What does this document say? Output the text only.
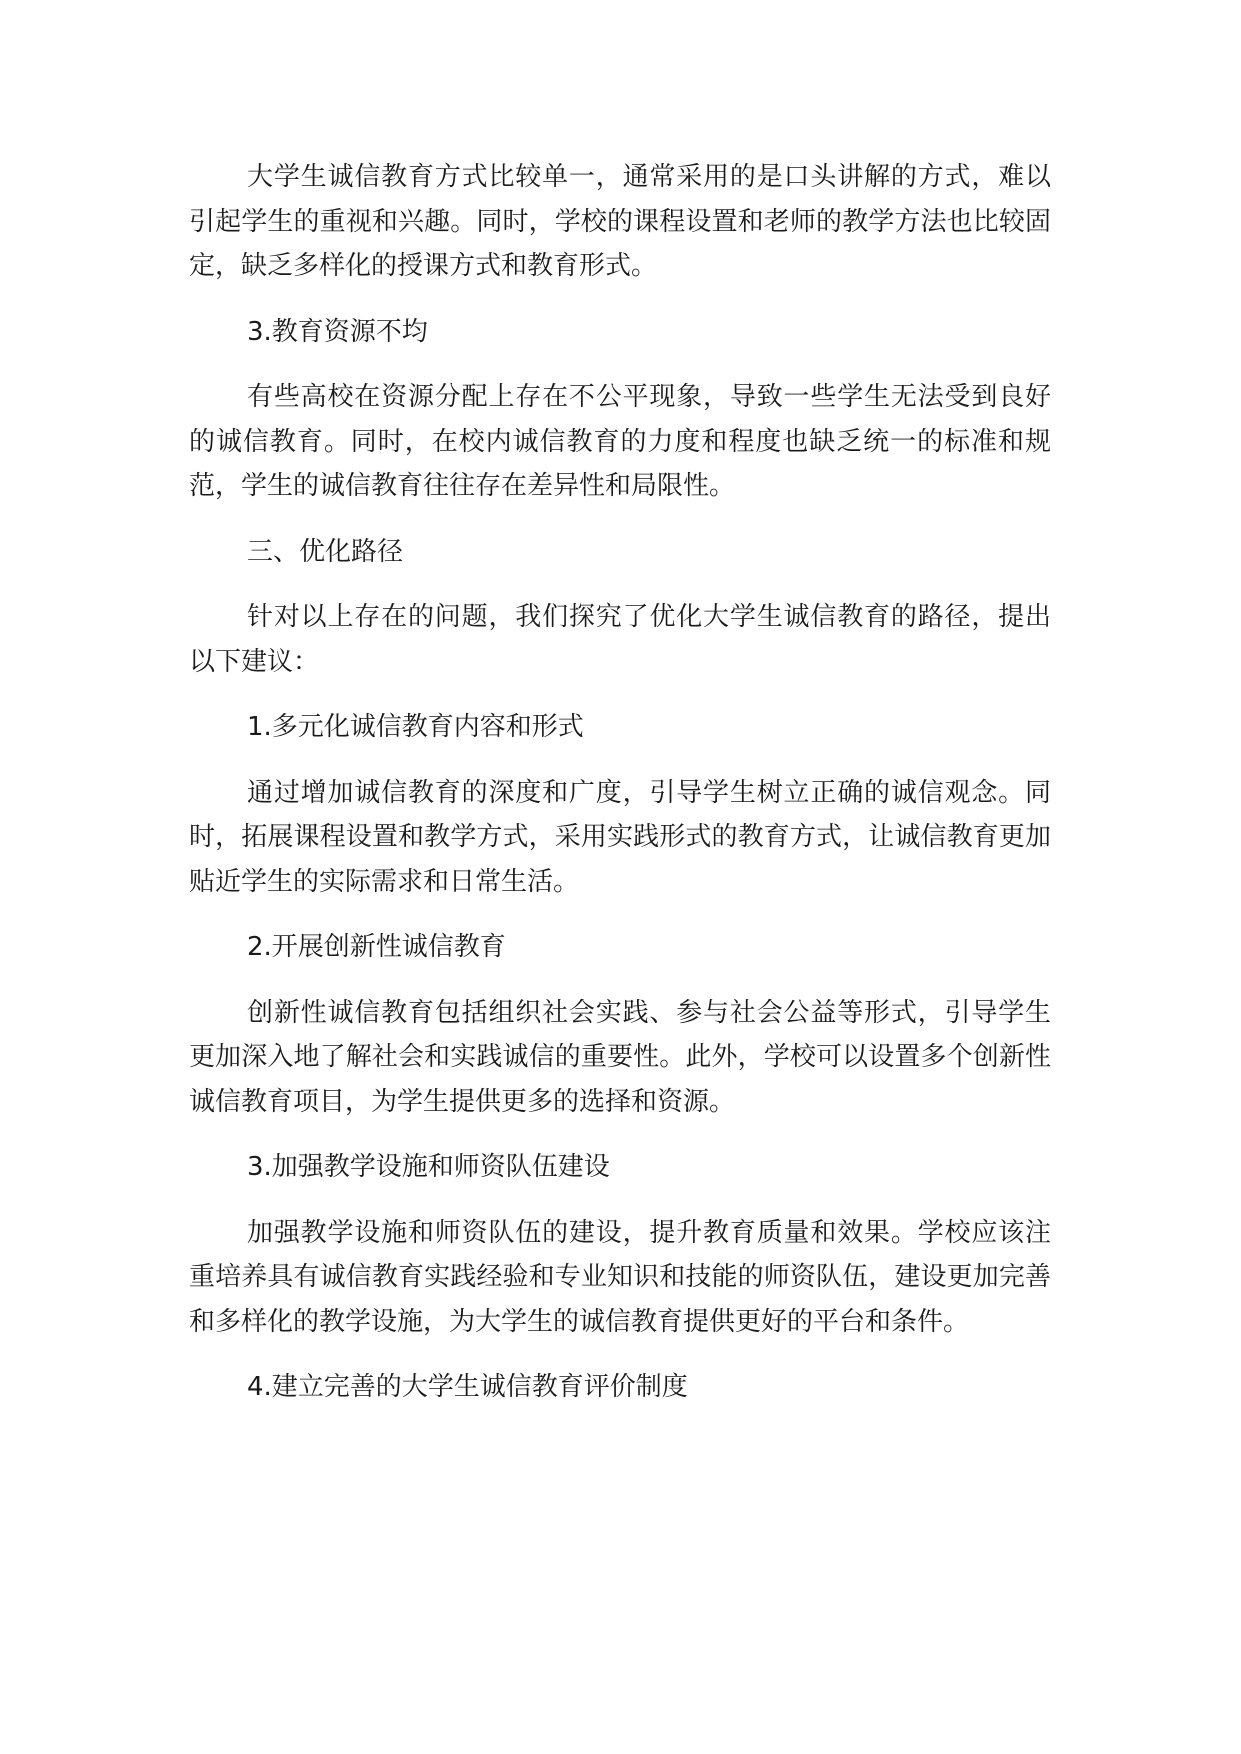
大学生诚信教育方式比较单一，通常采用的是口头讲解的方式，难以引起学生的重视和兴趣。同时，学校的课程设置和老师的教学方法也比较固定，缺乏多样化的授课方式和教育形式。

3.教育资源不均

有些高校在资源分配上存在不公平现象，导致一些学生无法受到良好的诚信教育。同时，在校内诚信教育的力度和程度也缺乏统一的标准和规范，学生的诚信教育往往存在差异性和局限性。

三、优化路径

针对以上存在的问题，我们探究了优化大学生诚信教育的路径，提出以下建议：

1.多元化诚信教育内容和形式

通过增加诚信教育的深度和广度，引导学生树立正确的诚信观念。同时，拓展课程设置和教学方式，采用实践形式的教育方式，让诚信教育更加贴近学生的实际需求和日常生活。

2.开展创新性诚信教育

创新性诚信教育包括组织社会实践、参与社会公益等形式，引导学生更加深入地了解社会和实践诚信的重要性。此外，学校可以设置多个创新性诚信教育项目，为学生提供更多的选择和资源。

3.加强教学设施和师资队伍建设

加强教学设施和师资队伍的建设，提升教育质量和效果。学校应该注重培养具有诚信教育实践经验和专业知识和技能的师资队伍，建设更加完善和多样化的教学设施，为大学生的诚信教育提供更好的平台和条件。

4.建立完善的大学生诚信教育评价制度
